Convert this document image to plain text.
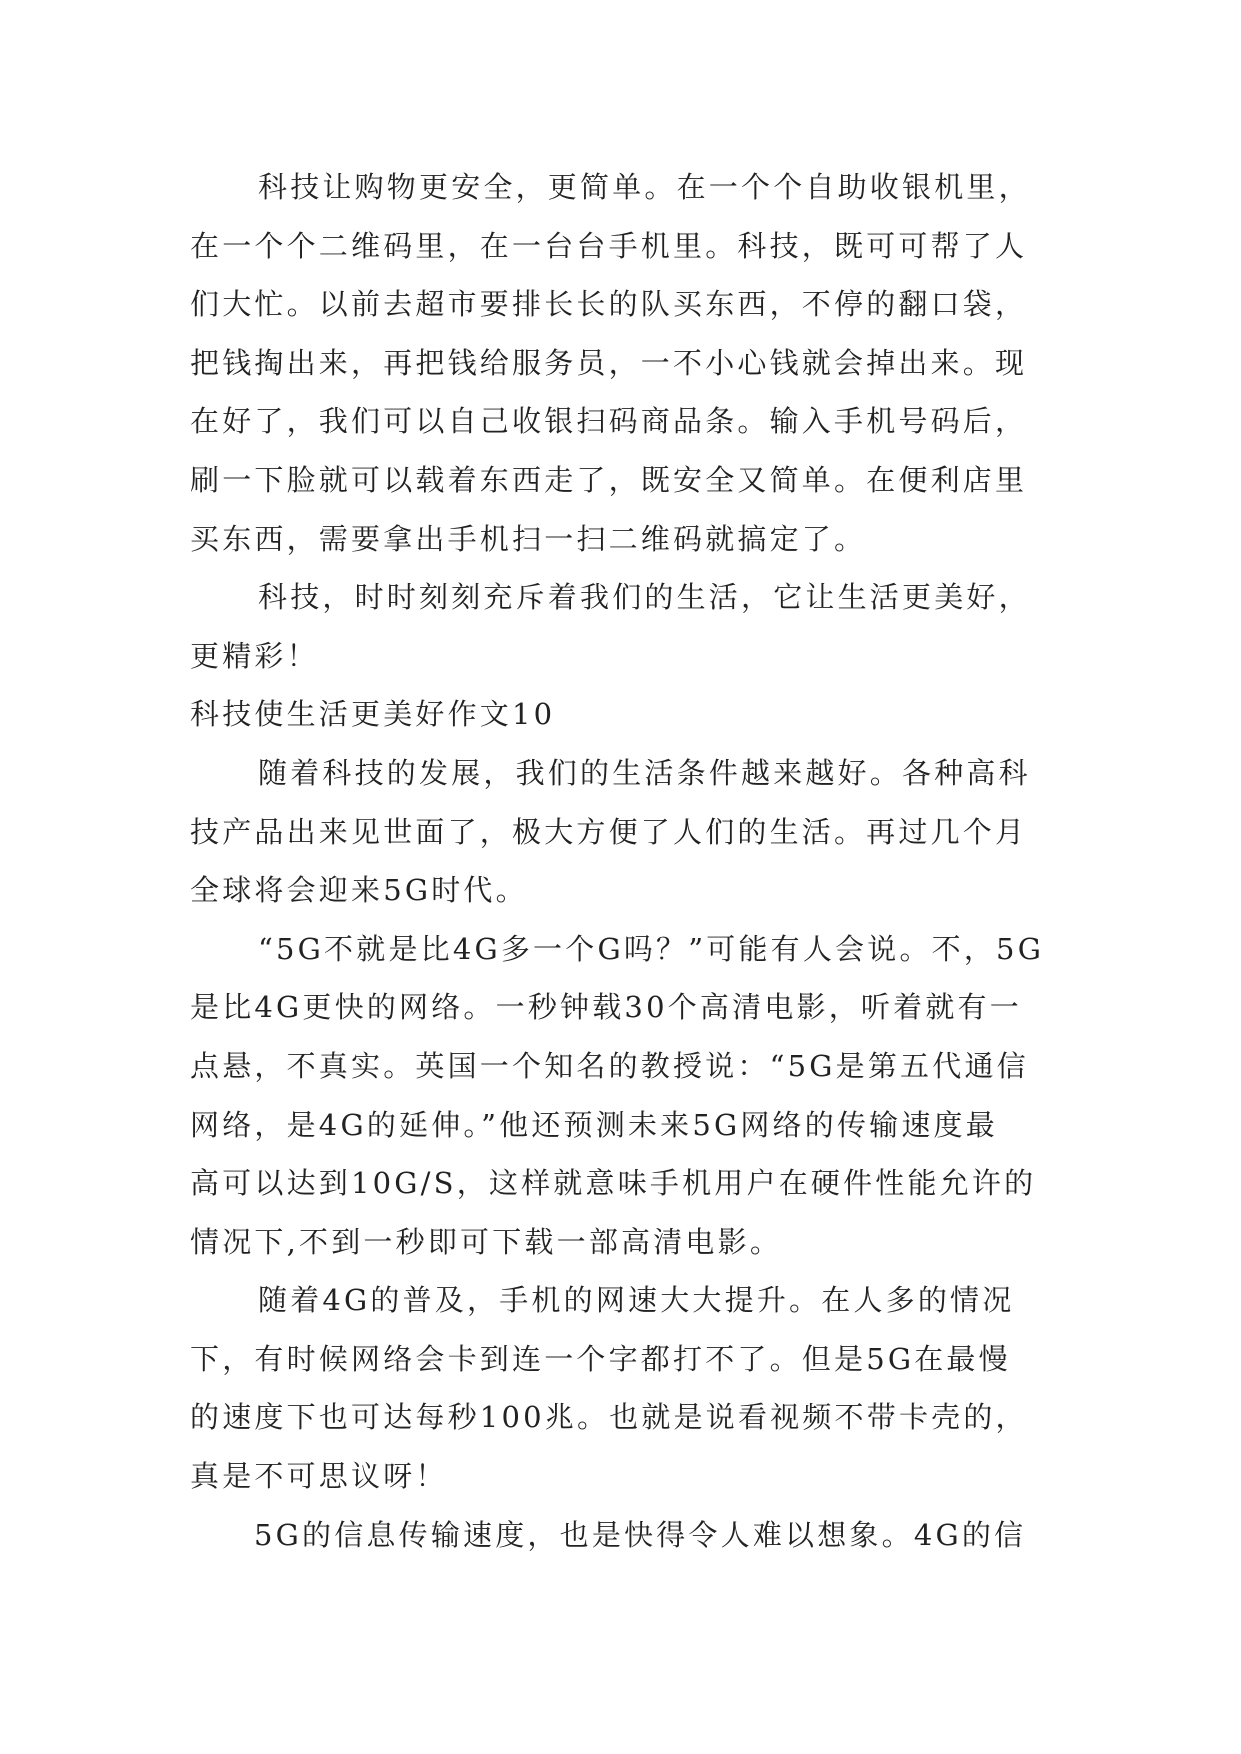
科技让购物更安全，更简单。在一个个自助收银机里，
在一个个二维码里，在一台台手机里。科技，既可可帮了人
们大忙。以前去超市要排长长的队买东西，不停的翻口袋，
把钱掏出来，再把钱给服务员，一不小心钱就会掉出来。现
在好了，我们可以自己收银扫码商品条。输入手机号码后，
刷一下脸就可以载着东西走了，既安全又简单。在便利店里
买东西，需要拿出手机扫一扫二维码就搞定了。
科技，时时刻刻充斥着我们的生活，它让生活更美好，
更精彩！
科技使生活更美好作文10
随着科技的发展，我们的生活条件越来越好。各种高科
技产品出来见世面了，极大方便了人们的生活。再过几个月
全球将会迎来5G时代。
“5G不就是比4G多一个G吗？”可能有人会说。不，5G
是比4G更快的网络。一秒钟载30个高清电影，听着就有一
点悬，不真实。英国一个知名的教授说：“5G是第五代通信
网络，是4G的延伸。”他还预测未来5G网络的传输速度最
高可以达到10G/S，这样就意味手机用户在硬件性能允许的
情况下,不到一秒即可下载一部高清电影。
随着4G的普及，手机的网速大大提升。在人多的情况
下，有时候网络会卡到连一个字都打不了。但是5G在最慢
的速度下也可达每秒100兆。也就是说看视频不带卡壳的，
真是不可思议呀！
5G的信息传输速度，也是快得令人难以想象。4G的信
